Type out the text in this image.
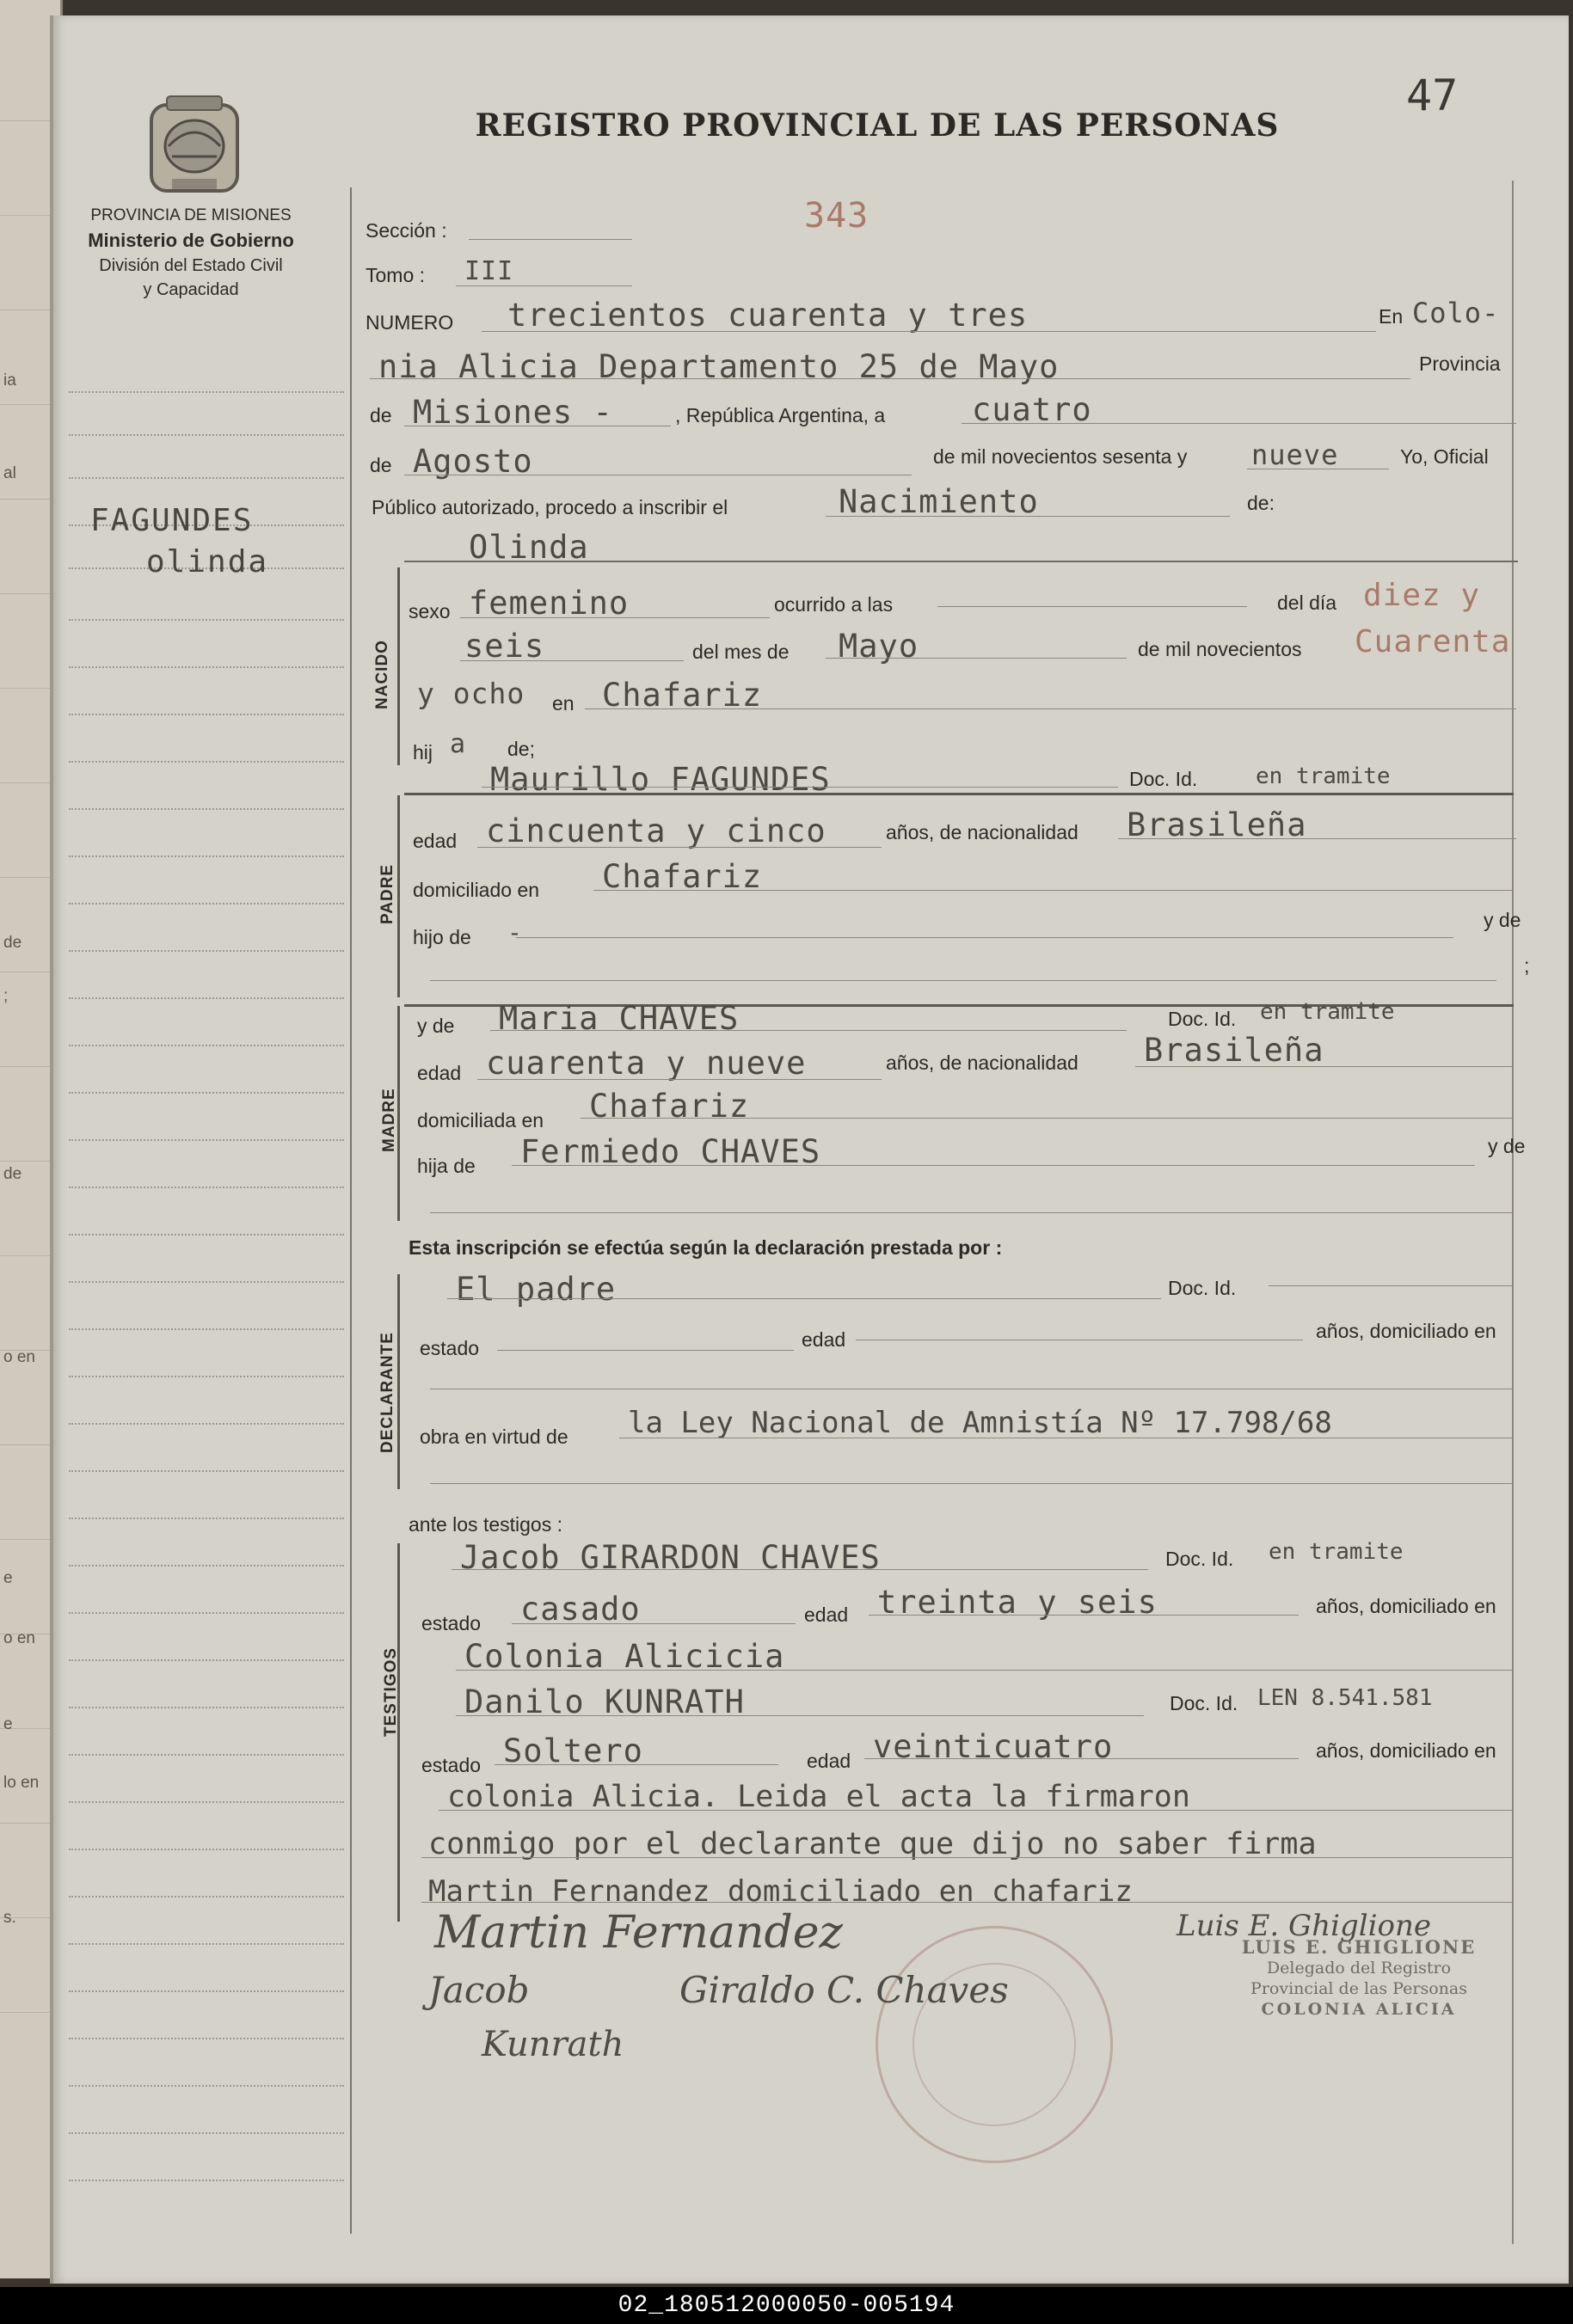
ia
al
de
;
de
o en
e
o en
e
lo en
s.
PROVINCIA DE MISIONES
Ministerio de Gobierno
División del Estado Civil
y Capacidad
REGISTRO PROVINCIAL DE LAS PERSONAS
47
FAGUNDES
olinda
Sección :	343
Tomo : III
NUMERO trecientos cuarenta y tres	En Colo-
nia Alicia Departamento 25 de Mayo	Provincia
de Misiones -	, República Argentina, a	cuatro
de Agosto	de mil novecientos sesenta y nueve	Yo, Oficial
Público autorizado, procedo a inscribir el	Nacimiento	de:
Olinda
NACIDO
sexo femenino	ocurrido a las	del día diez y
seis	del mes de Mayo	de mil novecientos Cuarenta
y ocho en Chafariz
hij a de;
PADRE
Maurillo FAGUNDES	Doc. Id.	en tramite
edad cincuenta y cinco	años, de nacionalidad Brasileña
domiciliado en Chafariz
hijo de -	y de
;
MADRE
y de Maria CHAVES	Doc. Id. en tramite
edad cuarenta y nueve	años, de nacionalidad Brasileña
domiciliada en Chafariz
hija de Fermiedo CHAVES	y de
Esta inscripción se efectúa según la declaración prestada por :
DECLARANTE
El padre	Doc. Id.
estado	edad	años, domiciliado en
obra en virtud de la Ley Nacional de Amnistía Nº 17.798/68
ante los testigos :
TESTIGOS
Jacob GIRARDON CHAVES	Doc. Id. en tramite
estado casado	edad treinta y seis	años, domiciliado en
Colonia Alicicia
Danilo KUNRATH	Doc. Id. LEN 8.541.581
estado Soltero	edad veinticuatro	años, domiciliado en
colonia Alicia. Leida el acta la firmaron
conmigo por el declarante que dijo no saber firma
Martin Fernandez domiciliado en chafariz
Martin Fernandez
Jacob	Giraldo C. Chaves
Luis E. Ghiglione
Kunrath
LUIS E. GHIGLIONE
Delegado del Registro
Provincial de las Personas
COLONIA ALICIA
02_180512000050-005194
